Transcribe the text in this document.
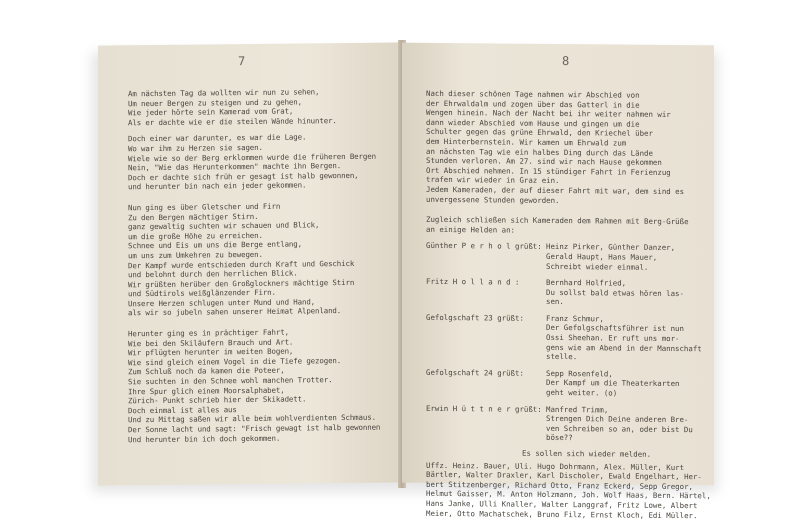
7
Am nächsten Tag da wollten wir nun zu sehen,
Um neuer Bergen zu steigen und zu gehen,
Wie jeder hörte sein Kamerad vom Grat,
Als er dachte wie er die steilen Wände hinunter.
Doch einer war darunter, es war die Lage.
Wo war ihm zu Herzen sie sagen.
Wiele wie so der Berg erklommen wurde die früheren Bergen
Nein, "Wie das Herunterkommen" machte ihn Bergen.
Doch er dachte sich früh er gesagt ist halb gewonnen,
und herunter bin nach ein jeder gekommen.
Nun ging es über Gletscher und Firn
Zu den Bergen mächtiger Stirn.
ganz gewaltig suchten wir schauen und Blick,
um die große Höhe zu erreichen.
Schnee und Eis um uns die Berge entlang,
um uns zum Umkehren zu bewegen.
Der Kampf wurde entschieden durch Kraft und Geschick
und belohnt durch den herrlichen Blick.
Wir grüßten herüber den Großglockners mächtige Stirn
und Südtirols weißglänzender Firn.
Unsere Herzen schlugen unter Mund und Hand,
als wir so jubeln sahen unserer Heimat Alpenland.
Herunter ging es in prächtiger Fahrt,
Wie bei den Skiläufern Brauch und Art.
Wir pflügten herunter im weiten Bogen,
Wie sind gleich einem Vogel in die Tiefe gezogen.
Zum Schluß noch da kamen die Poteer,
Sie suchten in den Schnee wohl manchen Trotter.
Ihre Spur glich einem Moorsalphabet,
Zürich- Punkt schrieb hier der Skikadett.
Doch einmal ist alles aus
Und zu Mittag saßen wir alle beim wohlverdienten Schmaus.
Der Sonne lacht und sagt: "Frisch gewagt ist halb gewonnen
Und herunter bin ich doch gekommen.
8
Nach dieser schönen Tage nahmen wir Abschied von
der Ehrwaldalm und zogen über das Gatterl in die
Wengen hinein. Nach der Nacht bei ihr weiter nahmen wir
dann wieder Abschied vom Hause und gingen um die
Schulter gegen das grüne Ehrwald, den Kriechel über
dem Hinterbernstein. Wir kamen um Ehrwald zum
an nächsten Tag wie ein halbes Ding durch das Lände
Stunden verloren. Am 27. sind wir nach Hause gekommen
Ort Abschied nehmen. In 15 stündiger Fahrt in Ferienzug
trafen wir wieder in Graz ein.
Jedem Kameraden, der auf dieser Fahrt mit war, dem sind es
unvergessene Stunden geworden.
Zugleich schließen sich Kameraden dem Rahmen mit Berg-Grüße
an einige Helden an:
Günther P e r h o l grüßt: Heinz Pirker, Günther Danzer,
Gerald Haupt, Hans Mauer,
Schreibt wieder einmal.
Fritz H o l l a n d :	Bernhard Holfried,
Du sollst bald etwas hören las-
sen.
Gefolgschaft 23 grüßt:	Franz Schmur,
Der Gefolgschaftsführer ist nun
Ossi Sheehan. Er ruft uns mor-
gens wie am Abend in der Mannschaft
stelle.
Gefolgschaft 24 grüßt:	Sepp Rosenfeld,
Der Kampf um die Theaterkarten
geht weiter. (o)
Erwin H ü t t n e r grüßt: Manfred Trimm,
Strengen Dich Deine anderen Bre-
ven Schreiben so an, oder bist Du
böse??
Es sollen sich wieder melden.
Uffz. Heinz. Bauer, Uli. Hugo Dohrmann, Alex. Müller, Kurt
Bärtler, Walter Draxler, Karl Discholer, Ewald Engelhart, Her-
bert Stitzenberger, Richard Otto, Franz Eckerd, Sepp Gregor,
Helmut Gaisser, M. Anton Holzmann, Joh. Wolf Haas, Bern. Härtel,
Hans Janke, Ulli Knaller, Walter Langgraf, Fritz Lowe, Albert
Meier, Otto Machatschek, Bruno Filz, Ernst Kloch, Edi Müller.
